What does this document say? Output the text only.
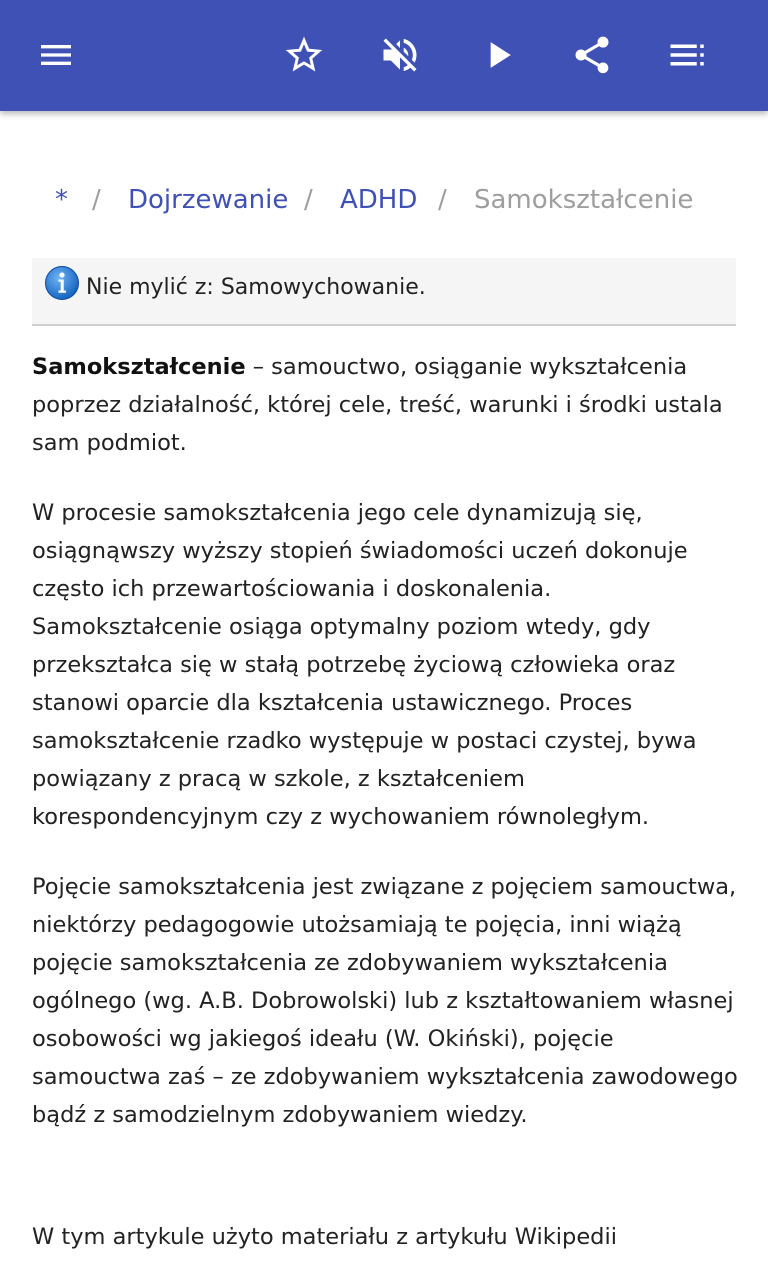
* / Dojrzewanie / ADHD / Samokształcenie
Nie mylić z: Samowychowanie.

Samokształcenie – samouctwo, osiąganie wykształcenia poprzez działalność, której cele, treść, warunki i środki ustala sam podmiot.

W procesie samokształcenia jego cele dynamizują się, osiągnąwszy wyższy stopień świadomości uczeń dokonuje często ich przewartościowania i doskonalenia. Samokształcenie osiąga optymalny poziom wtedy, gdy przekształca się w stałą potrzebę życiową człowieka oraz stanowi oparcie dla kształcenia ustawicznego. Proces samokształcenie rzadko występuje w postaci czystej, bywa powiązany z pracą w szkole, z kształceniem korespondencyjnym czy z wychowaniem równoległym.

Pojęcie samokształcenia jest związane z pojęciem samouctwa, niektórzy pedagogowie utożsamiają te pojęcia, inni wiążą pojęcie samokształcenia ze zdobywaniem wykształcenia ogólnego (wg. A.B. Dobrowolski) lub z kształtowaniem własnej osobowości wg jakiegoś ideału (W. Okiński), pojęcie samouctwa zaś – ze zdobywaniem wykształcenia zawodowego bądź z samodzielnym zdobywaniem wiedzy.

W tym artykule użyto materiału z artykułu Wikipedii
